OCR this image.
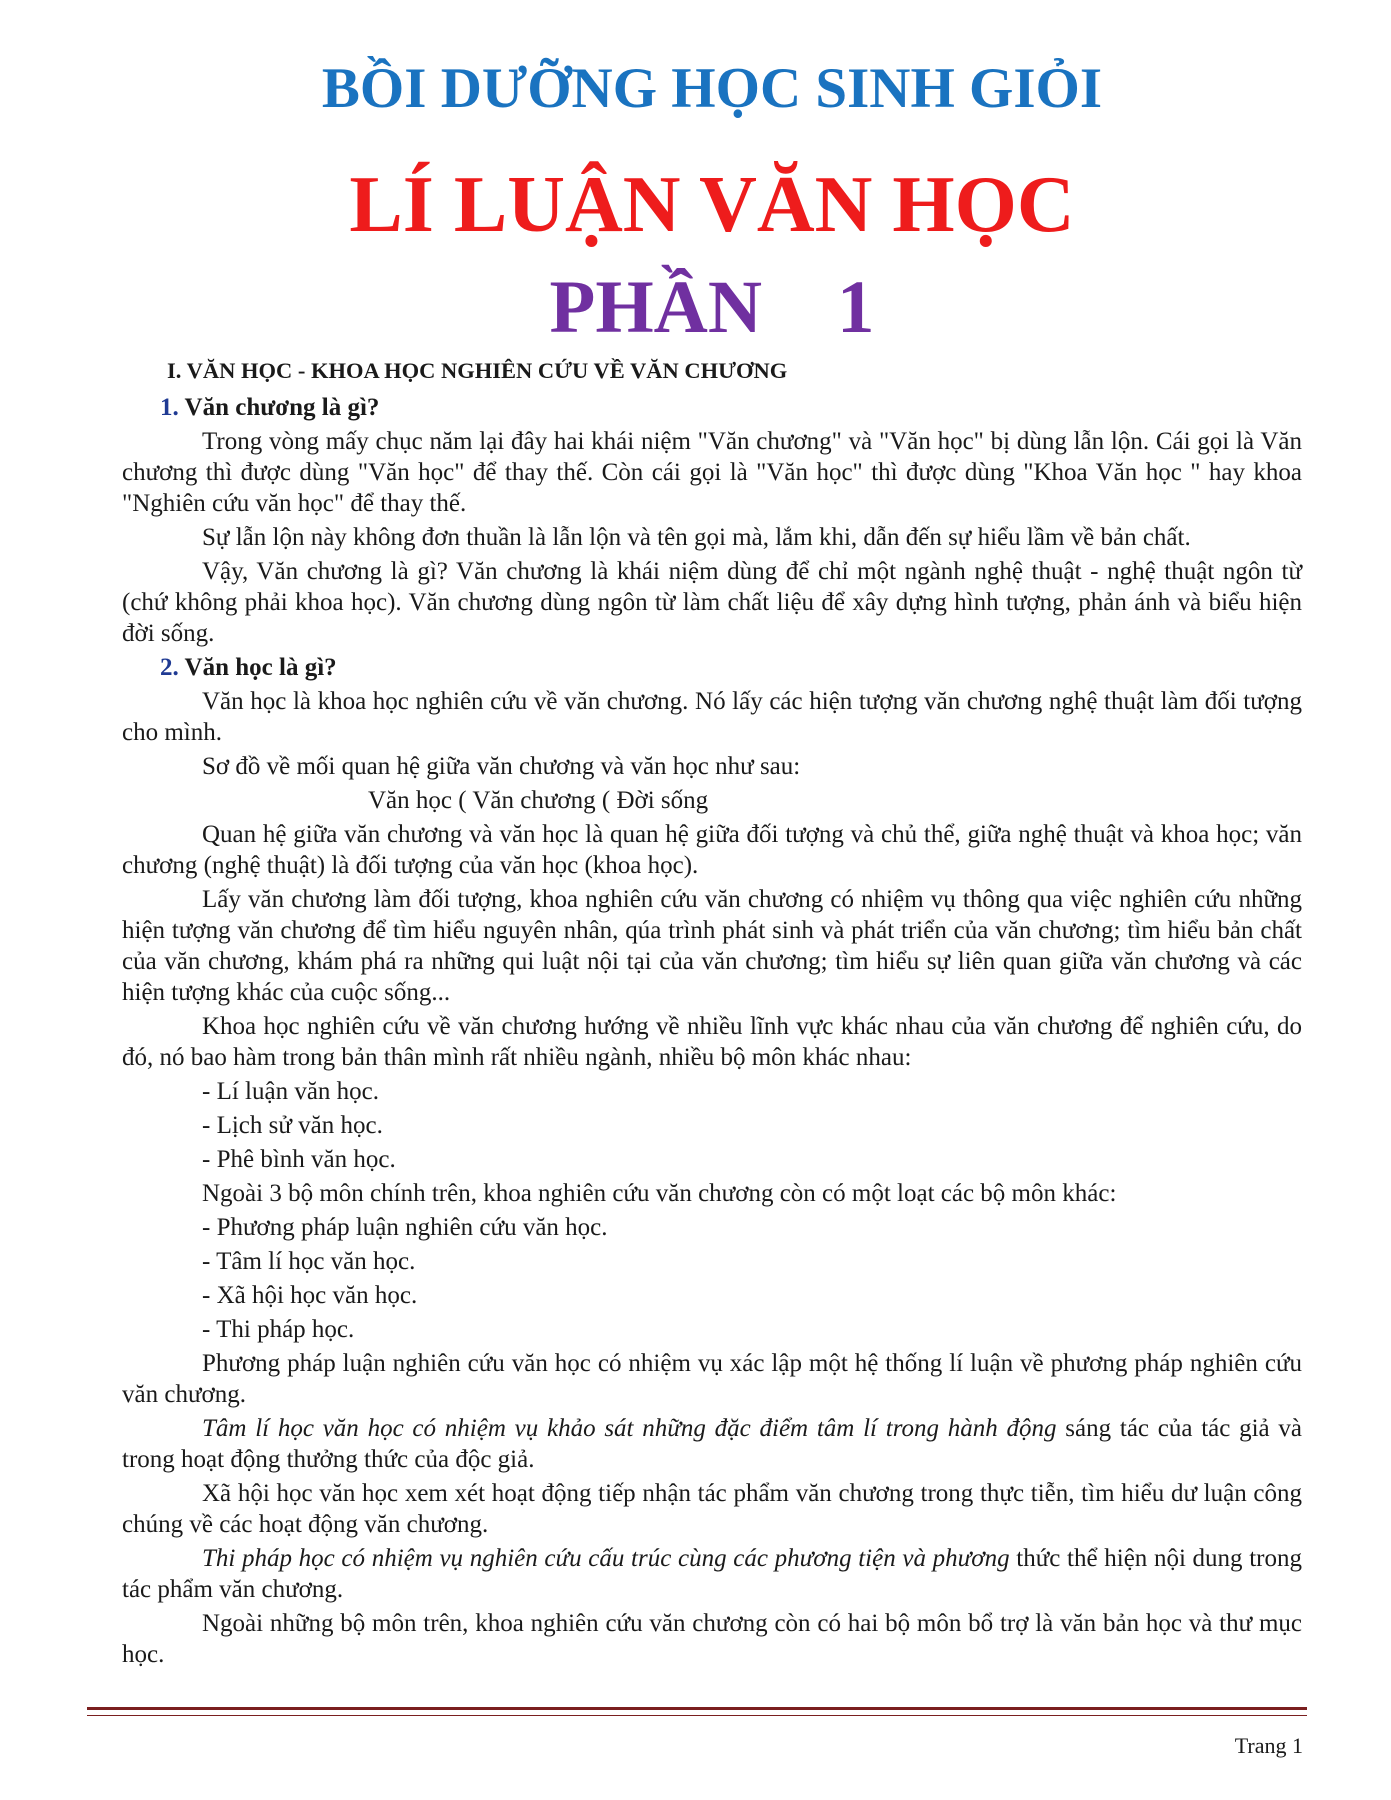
BỒI DƯỠNG HỌC SINH GIỎI
LÍ LUẬN VĂN HỌC
PHẦN    1

I. VĂN HỌC - KHOA HỌC NGHIÊN CỨU VỀ VĂN CHƯƠNG

1. Văn chương là gì?

Trong vòng mấy chục năm lại đây hai khái niệm "Văn chương" và "Văn học" bị dùng lẫn lộn. Cái gọi là Văn chương thì được dùng "Văn học" để thay thế. Còn cái gọi là "Văn học" thì được dùng "Khoa Văn học " hay khoa "Nghiên cứu văn học" để thay thế.

Sự lẫn lộn này không đơn thuần là lẫn lộn và tên gọi mà, lắm khi, dẫn đến sự hiểu lầm về bản chất.

Vậy, Văn chương là gì? Văn chương là khái niệm dùng để chỉ một ngành nghệ thuật - nghệ thuật ngôn từ (chứ không phải khoa học). Văn chương dùng ngôn từ làm chất liệu để xây dựng hình tượng, phản ánh và biểu hiện đời sống.

2. Văn học là gì?

Văn học là khoa học nghiên cứu về văn chương. Nó lấy các hiện tượng văn chương nghệ thuật làm đối tượng cho mình.

Sơ đồ về mối quan hệ giữa văn chương và văn học như sau:

Văn học ( Văn chương ( Đời sống

Quan hệ giữa văn chương và văn học là quan hệ giữa đối tượng và chủ thể, giữa nghệ thuật và khoa học; văn chương (nghệ thuật) là đối tượng của văn học (khoa học).

Lấy văn chương làm đối tượng, khoa nghiên cứu văn chương có nhiệm vụ thông qua việc nghiên cứu những hiện tượng văn chương để tìm hiểu nguyên nhân, qúa trình phát sinh và phát triển của văn chương; tìm hiểu bản chất của văn chương, khám phá ra những qui luật nội tại của văn chương; tìm hiểu sự liên quan giữa văn chương và các hiện tượng khác của cuộc sống...

Khoa học nghiên cứu về văn chương hướng về nhiều lĩnh vực khác nhau của văn chương để nghiên cứu, do đó, nó bao hàm trong bản thân mình rất nhiều ngành, nhiều bộ môn khác nhau:

- Lí luận văn học.

- Lịch sử văn học.

- Phê bình văn học.

Ngoài 3 bộ môn chính trên, khoa nghiên cứu văn chương còn có một loạt các bộ môn khác:

- Phương pháp luận nghiên cứu văn học.

- Tâm lí học văn học.

- Xã hội học văn học.

- Thi pháp học.

Phương pháp luận nghiên cứu văn học có nhiệm vụ xác lập một hệ thống lí luận về phương pháp nghiên cứu văn chương.

Tâm lí học văn học có nhiệm vụ khảo sát những đặc điểm tâm lí trong hành động sáng tác của tác giả và trong hoạt động thưởng thức của độc giả.

Xã hội học văn học xem xét hoạt động tiếp nhận tác phẩm văn chương trong thực tiễn, tìm hiểu dư luận công chúng về các hoạt động văn chương.

Thi pháp học có nhiệm vụ nghiên cứu cấu trúc cùng các phương tiện và phương thức thể hiện nội dung trong tác phẩm văn chương.

Ngoài những bộ môn trên, khoa nghiên cứu văn chương còn có hai bộ môn bổ trợ là văn bản học và thư mục học.

Trang 1
